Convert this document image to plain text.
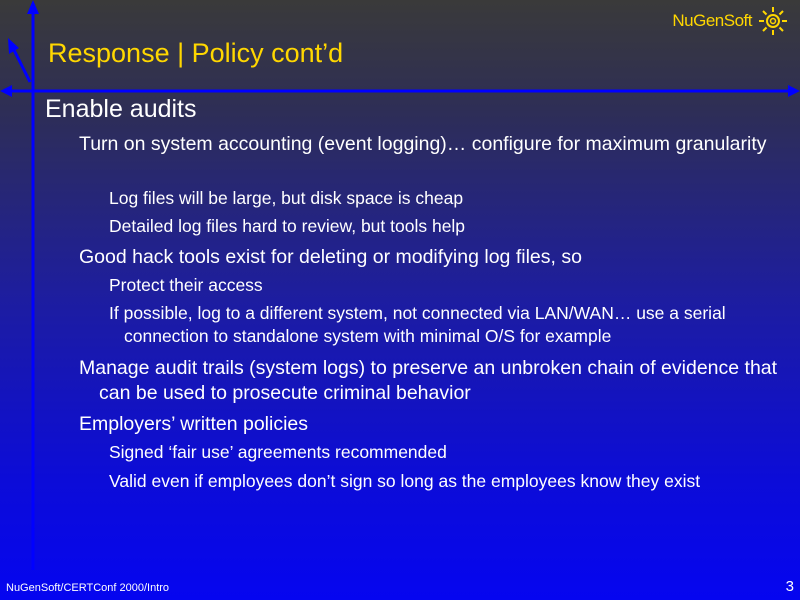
Response | Policy cont’d
NuGenSoft
Enable audits
Turn on system accounting (event logging)… configure for maximum granularity
Log files will be large, but disk space is cheap
Detailed log files hard to review, but tools help
Good hack tools exist for deleting or modifying log files, so
Protect their access
If possible, log to a different system, not connected via LAN/WAN… use a serial connection to standalone system with minimal O/S for example
Manage audit trails (system logs) to preserve an unbroken chain of evidence that can be used to prosecute criminal behavior
Employers’ written policies
Signed ‘fair use’ agreements recommended
Valid even if employees don’t sign so long as the employees know they exist
NuGenSoft/CERTConf 2000/Intro	3
